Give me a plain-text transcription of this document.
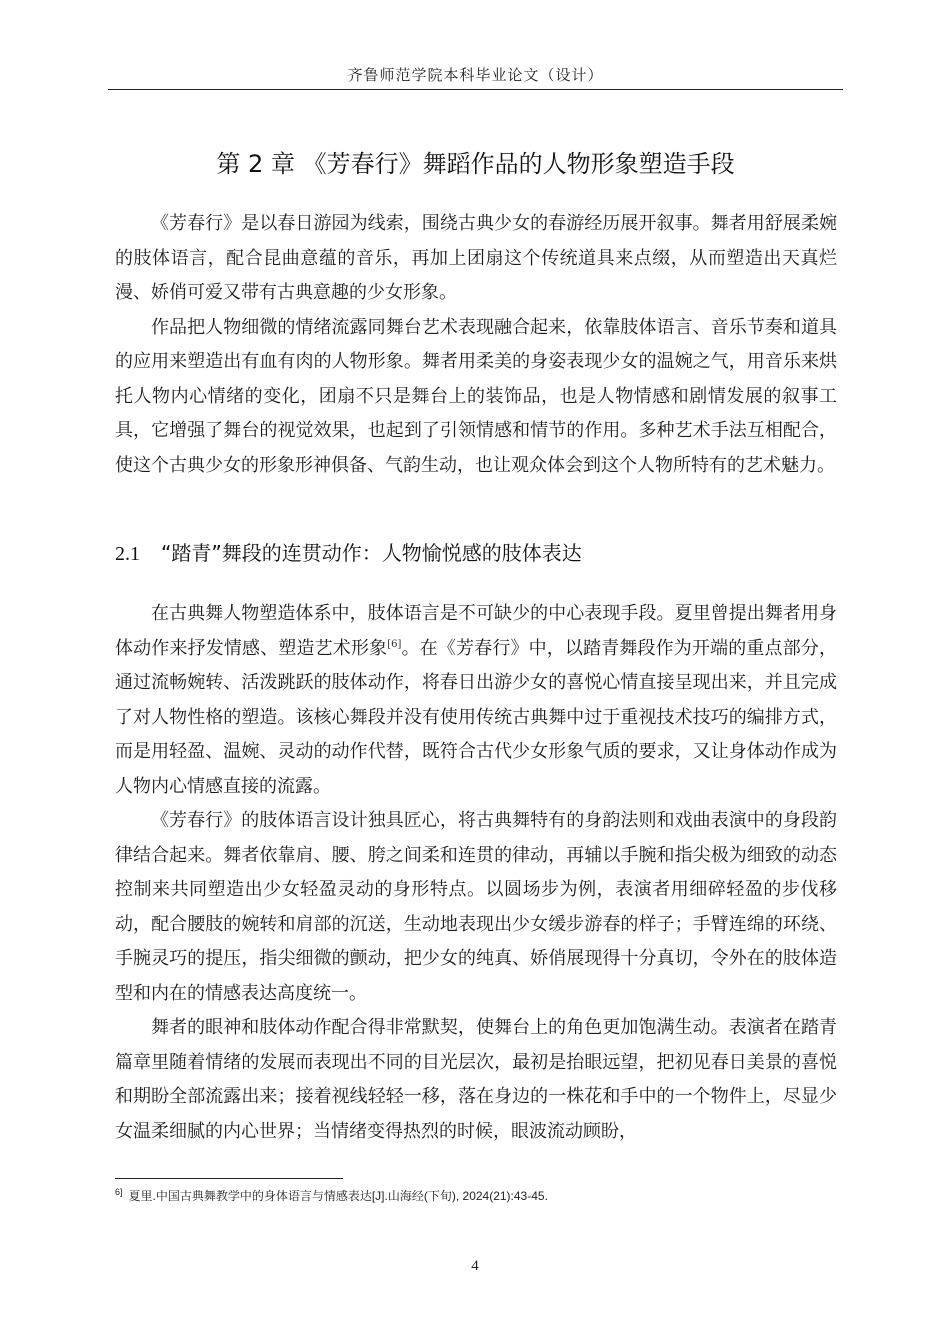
齐鲁师范学院本科毕业论文（设计）
第 2 章 《芳春行》舞蹈作品的人物形象塑造手段

《芳春行》是以春日游园为线索，围绕古典少女的春游经历展开叙事。舞者用舒展柔婉的肢体语言，配合昆曲意蕴的音乐，再加上团扇这个传统道具来点缀，从而塑造出天真烂漫、娇俏可爱又带有古典意趣的少女形象。

作品把人物细微的情绪流露同舞台艺术表现融合起来，依靠肢体语言、音乐节奏和道具的应用来塑造出有血有肉的人物形象。舞者用柔美的身姿表现少女的温婉之气，用音乐来烘托人物内心情绪的变化，团扇不只是舞台上的装饰品，也是人物情感和剧情发展的叙事工具，它增强了舞台的视觉效果，也起到了引领情感和情节的作用。多种艺术手法互相配合，使这个古典少女的形象形神俱备、气韵生动，也让观众体会到这个人物所特有的艺术魅力。

2.1 “踏青”舞段的连贯动作：人物愉悦感的肢体表达

在古典舞人物塑造体系中，肢体语言是不可缺少的中心表现手段。夏里曾提出舞者用身体动作来抒发情感、塑造艺术形象[6]。在《芳春行》中，以踏青舞段作为开端的重点部分，通过流畅婉转、活泼跳跃的肢体动作，将春日出游少女的喜悦心情直接呈现出来，并且完成了对人物性格的塑造。该核心舞段并没有使用传统古典舞中过于重视技术技巧的编排方式，而是用轻盈、温婉、灵动的动作代替，既符合古代少女形象气质的要求，又让身体动作成为人物内心情感直接的流露。

《芳春行》的肢体语言设计独具匠心，将古典舞特有的身韵法则和戏曲表演中的身段韵律结合起来。舞者依靠肩、腰、胯之间柔和连贯的律动，再辅以手腕和指尖极为细致的动态控制来共同塑造出少女轻盈灵动的身形特点。以圆场步为例，表演者用细碎轻盈的步伐移动，配合腰肢的婉转和肩部的沉送，生动地表现出少女缓步游春的样子；手臂连绵的环绕、手腕灵巧的提压，指尖细微的颤动，把少女的纯真、娇俏展现得十分真切，令外在的肢体造型和内在的情感表达高度统一。

舞者的眼神和肢体动作配合得非常默契，使舞台上的角色更加饱满生动。表演者在踏青篇章里随着情绪的发展而表现出不同的目光层次，最初是抬眼远望，把初见春日美景的喜悦和期盼全部流露出来；接着视线轻轻一移，落在身边的一株花和手中的一个物件上，尽显少女温柔细腻的内心世界；当情绪变得热烈的时候，眼波流动顾盼，

$^{6]}$ 夏里.中国古典舞教学中的身体语言与情感表达[J].山海经(下旬), 2024(21):43-45.
4
